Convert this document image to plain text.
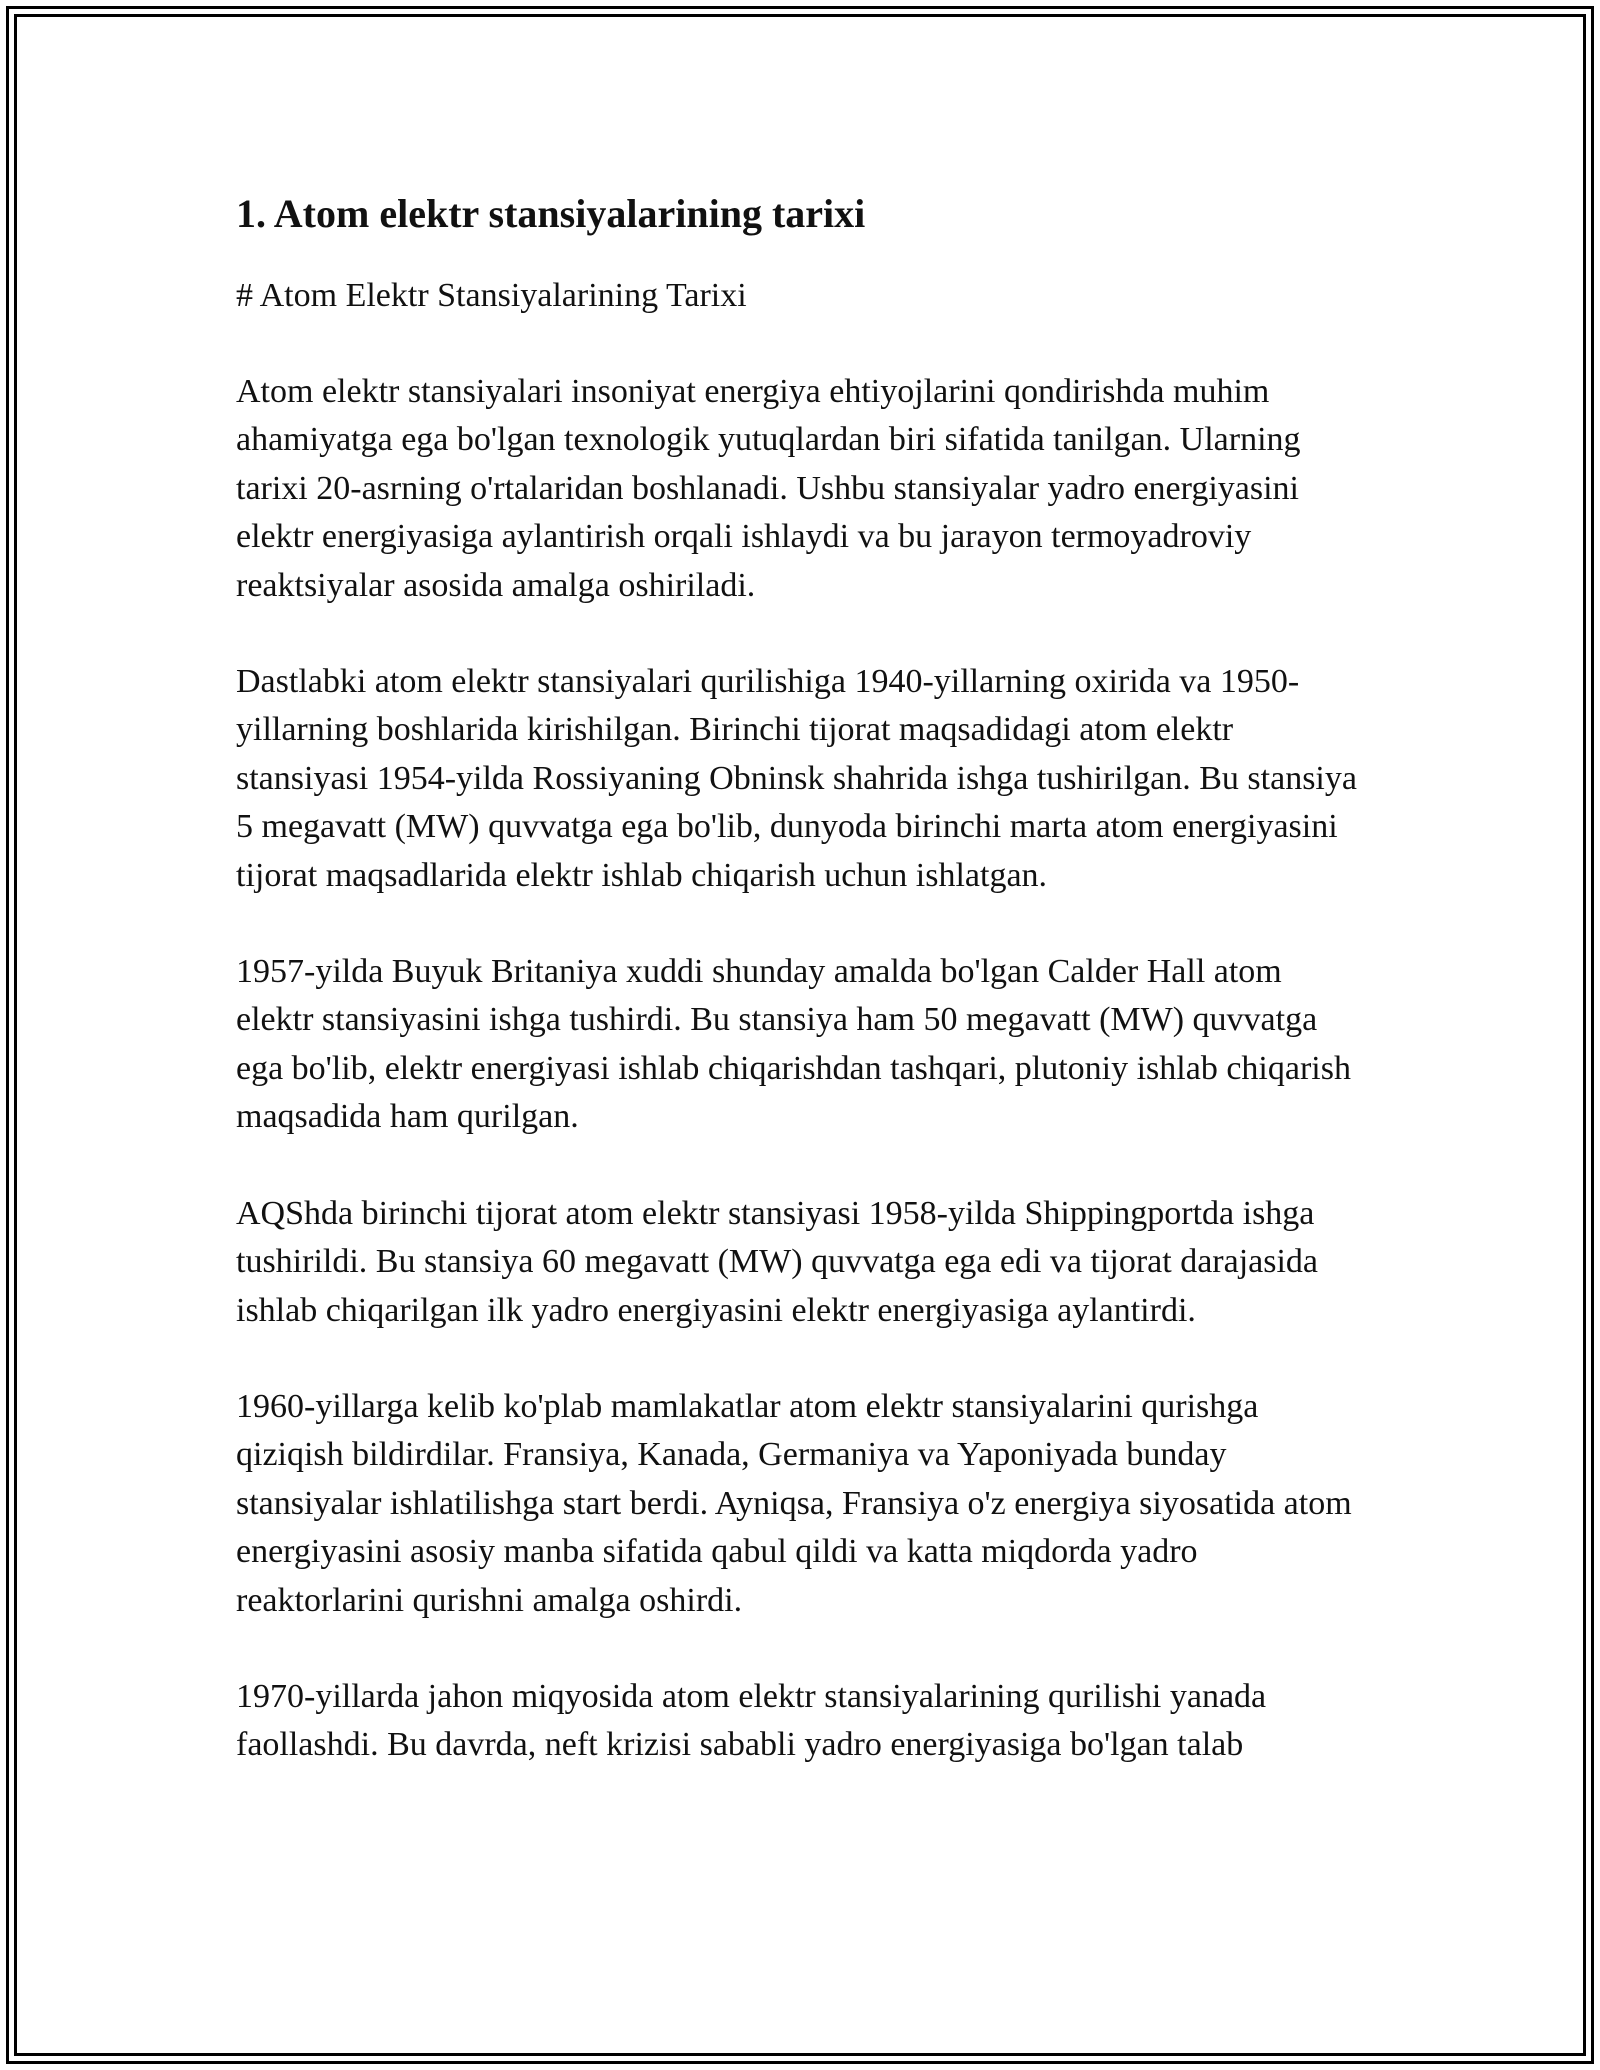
1. Atom elektr stansiyalarining tarixi
# Atom Elektr Stansiyalarining Tarixi

Atom elektr stansiyalari insoniyat energiya ehtiyojlarini qondirishda muhim ahamiyatga ega bo'lgan texnologik yutuqlardan biri sifatida tanilgan. Ularning tarixi 20-asrning o'rtalaridan boshlanadi. Ushbu stansiyalar yadro energiyasini elektr energiyasiga aylantirish orqali ishlaydi va bu jarayon termoyadroviy reaktsiyalar asosida amalga oshiriladi.

Dastlabki atom elektr stansiyalari qurilishiga 1940-yillarning oxirida va 1950-yillarning boshlarida kirishilgan. Birinchi tijorat maqsadidagi atom elektr stansiyasi 1954-yilda Rossiyaning Obninsk shahrida ishga tushirilgan. Bu stansiya 5 megavatt (MW) quvvatga ega bo'lib, dunyoda birinchi marta atom energiyasini tijorat maqsadlarida elektr ishlab chiqarish uchun ishlatgan.

1957-yilda Buyuk Britaniya xuddi shunday amalda bo'lgan Calder Hall atom elektr stansiyasini ishga tushirdi. Bu stansiya ham 50 megavatt (MW) quvvatga ega bo'lib, elektr energiyasi ishlab chiqarishdan tashqari, plutoniy ishlab chiqarish maqsadida ham qurilgan.

AQShda birinchi tijorat atom elektr stansiyasi 1958-yilda Shippingportda ishga tushirildi. Bu stansiya 60 megavatt (MW) quvvatga ega edi va tijorat darajasida ishlab chiqarilgan ilk yadro energiyasini elektr energiyasiga aylantirdi.

1960-yillarga kelib ko'plab mamlakatlar atom elektr stansiyalarini qurishga qiziqish bildirdilar. Fransiya, Kanada, Germaniya va Yaponiyada bunday stansiyalar ishlatilishga start berdi. Ayniqsa, Fransiya o'z energiya siyosatida atom energiyasini asosiy manba sifatida qabul qildi va katta miqdorda yadro reaktorlarini qurishni amalga oshirdi.

1970-yillarda jahon miqyosida atom elektr stansiyalarining qurilishi yanada faollashdi. Bu davrda, neft krizisi sababli yadro energiyasiga bo'lgan talab
